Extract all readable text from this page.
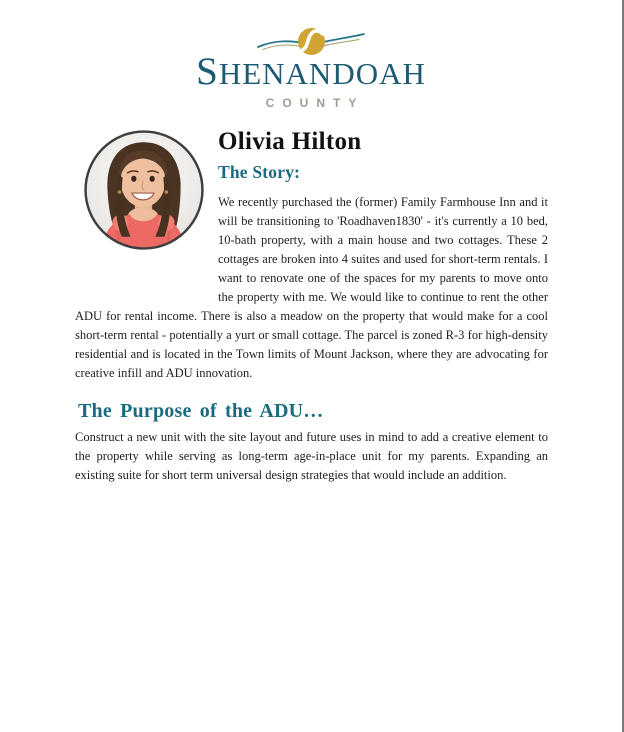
SHENANDOAH
COUNTY
Olivia Hilton
The Story:

We recently purchased the (former) Family Farmhouse Inn and it will be transitioning to 'Roadhaven1830' - it's currently a 10 bed, 10-bath property, with a main house and two cottages. These 2 cottages are broken into 4 suites and used for short-term rentals. I want to renovate one of the spaces for my parents to move onto the property with me. We would like to continue to rent the other ADU for rental income. There is also a meadow on the property that would make for a cool short-term rental - potentially a yurt or small cottage. The parcel is zoned R-3 for high-density residential and is located in the Town limits of Mount Jackson, where they are advocating for creative infill and ADU innovation.

The Purpose of the ADU…

Construct a new unit with the site layout and future uses in mind to add a creative element to the property while serving as long-term age-in-place unit for my parents. Expanding an existing suite for short term universal design strategies that would include an addition.
